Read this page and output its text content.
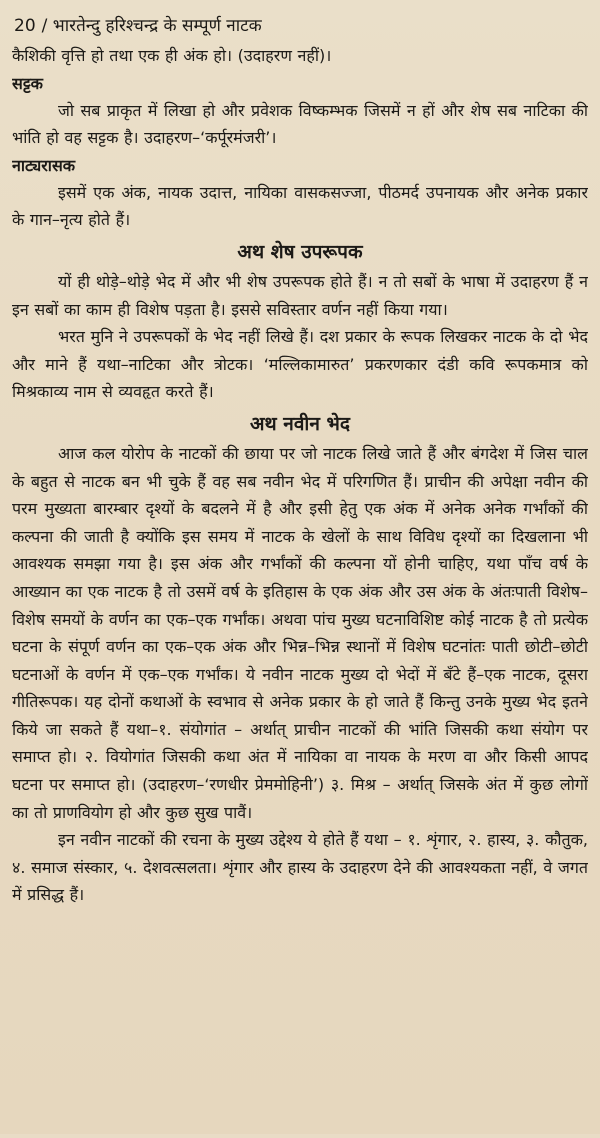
20 / भारतेन्दु हरिश्चन्द्र के सम्पूर्ण नाटक

कैशिकी वृत्ति हो तथा एक ही अंक हो। (उदाहरण नहीं)।

सट्टक

जो सब प्राकृत में लिखा हो और प्रवेशक विष्कम्भक जिसमें न हों और शेष सब नाटिका की भांति हो वह सट्टक है। उदाहरण–‘कर्पूरमंजरी’।

नाट्यरासक

इसमें एक अंक, नायक उदात्त, नायिका वासकसज्जा, पीठमर्द उपनायक और अनेक प्रकार के गान–नृत्य होते हैं।

अथ शेष उपरूपक

यों ही थोड़े–थोड़े भेद में और भी शेष उपरूपक होते हैं। न तो सबों के भाषा में उदाहरण हैं न इन सबों का काम ही विशेष पड़ता है। इससे सविस्तार वर्णन नहीं किया गया।

भरत मुनि ने उपरूपकों के भेद नहीं लिखे हैं। दश प्रकार के रूपक लिखकर नाटक के दो भेद और माने हैं यथा–नाटिका और त्रोटक। ‘मल्लिकामारुत’ प्रकरणकार दंडी कवि रूपकमात्र को मिश्रकाव्य नाम से व्यवहृत करते हैं।

अथ नवीन भेद

आज कल योरोप के नाटकों की छाया पर जो नाटक लिखे जाते हैं और बंगदेश में जिस चाल के बहुत से नाटक बन भी चुके हैं वह सब नवीन भेद में परिगणित हैं। प्राचीन की अपेक्षा नवीन की परम मुख्यता बारम्बार दृश्यों के बदलने में है और इसी हेतु एक अंक में अनेक अनेक गर्भांकों की कल्पना की जाती है क्योंकि इस समय में नाटक के खेलों के साथ विविध दृश्यों का दिखलाना भी आवश्यक समझा गया है। इस अंक और गर्भांकों की कल्पना यों होनी चाहिए, यथा पाँच वर्ष के आख्यान का एक नाटक है तो उसमें वर्ष के इतिहास के एक अंक और उस अंक के अंतःपाती विशेष–विशेष समयों के वर्णन का एक–एक गर्भांक। अथवा पांच मुख्य घटनाविशिष्ट कोई नाटक है तो प्रत्येक घटना के संपूर्ण वर्णन का एक–एक अंक और भिन्न–भिन्न स्थानों में विशेष घटनांतः पाती छोटी–छोटी घटनाओं के वर्णन में एक–एक गर्भांक। ये नवीन नाटक मुख्य दो भेदों में बँटे हैं–एक नाटक, दूसरा गीतिरूपक। यह दोनों कथाओं के स्वभाव से अनेक प्रकार के हो जाते हैं किन्तु उनके मुख्य भेद इतने किये जा सकते हैं यथा–१. संयोगांत – अर्थात् प्राचीन नाटकों की भांति जिसकी कथा संयोग पर समाप्त हो। २. वियोगांत जिसकी कथा अंत में नायिका वा नायक के मरण वा और किसी आपद घटना पर समाप्त हो। (उदाहरण–‘रणधीर प्रेममोहिनी’) ३. मिश्र – अर्थात् जिसके अंत में कुछ लोगों का तो प्राणवियोग हो और कुछ सुख पावैं।

इन नवीन नाटकों की रचना के मुख्य उद्देश्य ये होते हैं यथा – १. शृंगार, २. हास्य, ३. कौतुक, ४. समाज संस्कार, ५. देशवत्सलता। शृंगार और हास्य के उदाहरण देने की आवश्यकता नहीं, वे जगत में प्रसिद्ध हैं।
